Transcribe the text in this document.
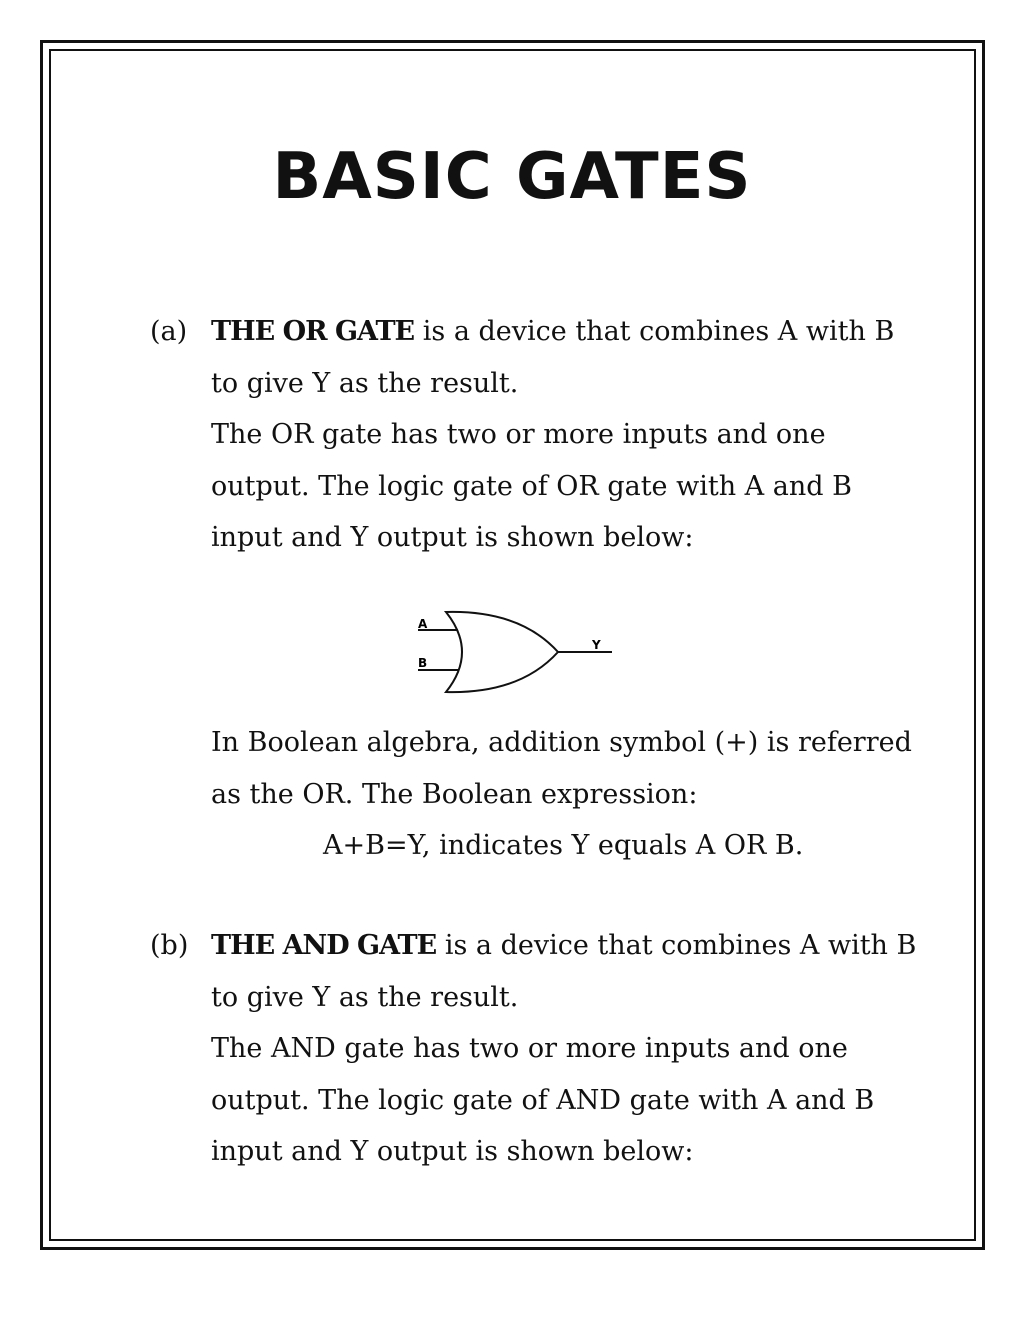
BASIC GATES
(a) THE OR GATE is a device that combines A with B
to give Y as the result.
The OR gate has two or more inputs and one
output. The logic gate of OR gate with A and B
input and Y output is shown below:
A
B
Y
In Boolean algebra, addition symbol (+) is referred
as the OR. The Boolean expression:
A+B=Y, indicates Y equals A OR B.
(b) THE AND GATE is a device that combines A with B
to give Y as the result.
The AND gate has two or more inputs and one
output. The logic gate of AND gate with A and B
input and Y output is shown below:
